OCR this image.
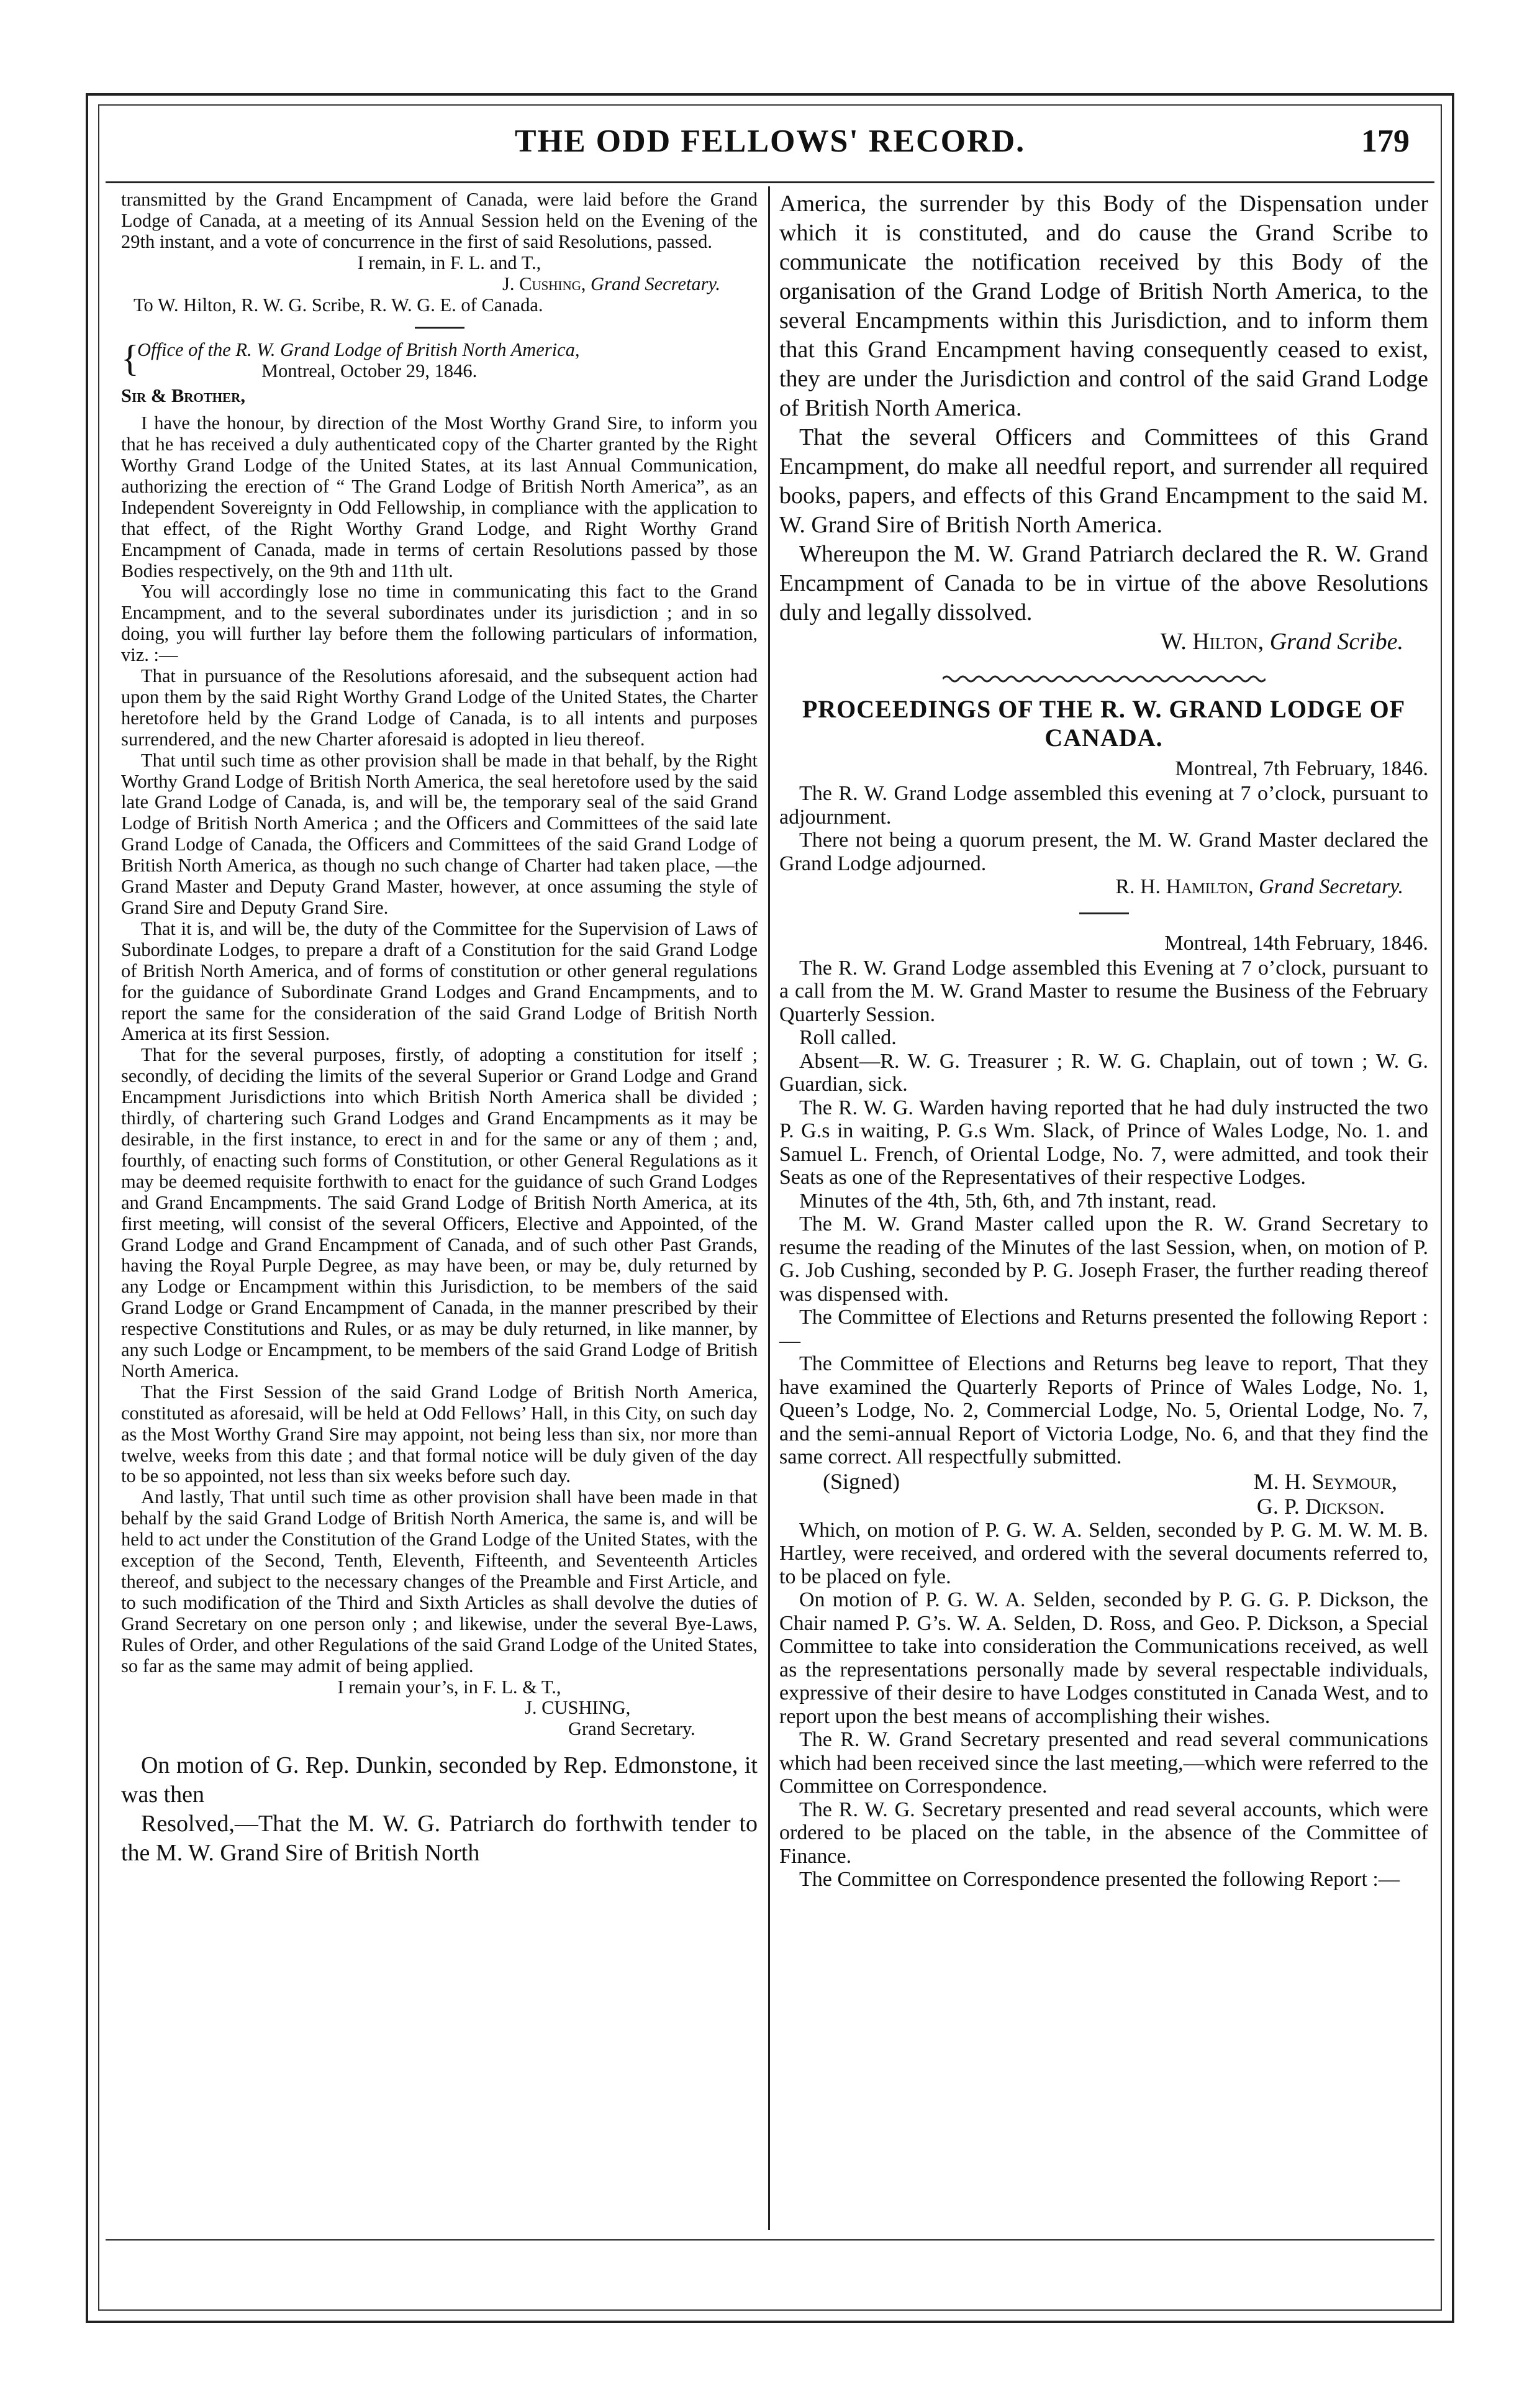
THE ODD FELLOWS' RECORD.	179

transmitted by the Grand Encampment of Canada, were laid before the Grand Lodge of Canada, at a meeting of its Annual Session held on the Evening of the 29th instant, and a vote of concurrence in the first of said Resolutions, passed.

I remain, in F. L. and T.,

J. Cushing, Grand Secretary.

To W. Hilton, R. W. G. Scribe, R. W. G. E. of Canada.

{
Office of the R. W. Grand Lodge of British North America,
Montreal, October 29, 1846.

Sir & Brother,

I have the honour, by direction of the Most Worthy Grand Sire, to inform you that he has received a duly authenticated copy of the Charter granted by the Right Worthy Grand Lodge of the United States, at its last Annual Communication, authorizing the erection of “ The Grand Lodge of British North America”, as an Independent Sovereignty in Odd Fellowship, in compliance with the application to that effect, of the Right Worthy Grand Lodge, and Right Worthy Grand Encampment of Canada, made in terms of certain Resolutions passed by those Bodies respectively, on the 9th and 11th ult.

You will accordingly lose no time in communicating this fact to the Grand Encampment, and to the several subordinates under its jurisdiction ; and in so doing, you will further lay before them the following particulars of information, viz. :—

That in pursuance of the Resolutions aforesaid, and the subsequent action had upon them by the said Right Worthy Grand Lodge of the United States, the Charter heretofore held by the Grand Lodge of Canada, is to all intents and purposes surrendered, and the new Charter aforesaid is adopted in lieu thereof.

That until such time as other provision shall be made in that behalf, by the Right Worthy Grand Lodge of British North America, the seal heretofore used by the said late Grand Lodge of Canada, is, and will be, the temporary seal of the said Grand Lodge of British North America ; and the Officers and Committees of the said late Grand Lodge of Canada, the Officers and Committees of the said Grand Lodge of British North America, as though no such change of Charter had taken place, —the Grand Master and Deputy Grand Master, however, at once assuming the style of Grand Sire and Deputy Grand Sire.

That it is, and will be, the duty of the Committee for the Supervision of Laws of Subordinate Lodges, to prepare a draft of a Constitution for the said Grand Lodge of British North America, and of forms of constitution or other general regulations for the guidance of Subordinate Grand Lodges and Grand Encampments, and to report the same for the consideration of the said Grand Lodge of British North America at its first Session.

That for the several purposes, firstly, of adopting a constitution for itself ; secondly, of deciding the limits of the several Superior or Grand Lodge and Grand Encampment Jurisdictions into which British North America shall be divided ; thirdly, of chartering such Grand Lodges and Grand Encampments as it may be desirable, in the first instance, to erect in and for the same or any of them ; and, fourthly, of enacting such forms of Constitution, or other General Regulations as it may be deemed requisite forthwith to enact for the guidance of such Grand Lodges and Grand Encampments. The said Grand Lodge of British North America, at its first meeting, will consist of the several Officers, Elective and Appointed, of the Grand Lodge and Grand Encampment of Canada, and of such other Past Grands, having the Royal Purple Degree, as may have been, or may be, duly returned by any Lodge or Encampment within this Jurisdiction, to be members of the said Grand Lodge or Grand Encampment of Canada, in the manner prescribed by their respective Constitutions and Rules, or as may be duly returned, in like manner, by any such Lodge or Encampment, to be members of the said Grand Lodge of British North America.

That the First Session of the said Grand Lodge of British North America, constituted as aforesaid, will be held at Odd Fellows’ Hall, in this City, on such day as the Most Worthy Grand Sire may appoint, not being less than six, nor more than twelve, weeks from this date ; and that formal notice will be duly given of the day to be so appointed, not less than six weeks before such day.

And lastly, That until such time as other provision shall have been made in that behalf by the said Grand Lodge of British North America, the same is, and will be held to act under the Constitution of the Grand Lodge of the United States, with the exception of the Second, Tenth, Eleventh, Fifteenth, and Seventeenth Articles thereof, and subject to the necessary changes of the Preamble and First Article, and to such modification of the Third and Sixth Articles as shall devolve the duties of Grand Secretary on one person only ; and likewise, under the several Bye-Laws, Rules of Order, and other Regulations of the said Grand Lodge of the United States, so far as the same may admit of being applied.

I remain your’s, in F. L. & T.,

J. CUSHING,

Grand Secretary.

On motion of G. Rep. Dunkin, seconded by Rep. Edmonstone, it was then

Resolved,—That the M. W. G. Patriarch do forthwith tender to the M. W. Grand Sire of British North

America, the surrender by this Body of the Dispensation under which it is constituted, and do cause the Grand Scribe to communicate the notification received by this Body of the organisation of the Grand Lodge of British North America, to the several Encampments within this Jurisdiction, and to inform them that this Grand Encampment having consequently ceased to exist, they are under the Jurisdiction and control of the said Grand Lodge of British North America.

That the several Officers and Committees of this Grand Encampment, do make all needful report, and surrender all required books, papers, and effects of this Grand Encampment to the said M. W. Grand Sire of British North America.

Whereupon the M. W. Grand Patriarch declared the R. W. Grand Encampment of Canada to be in virtue of the above Resolutions duly and legally dissolved.

W. Hilton, Grand Scribe.

PROCEEDINGS OF THE R. W. GRAND LODGE OF CANADA.

Montreal, 7th February, 1846.

The R. W. Grand Lodge assembled this evening at 7 o’clock, pursuant to adjournment.

There not being a quorum present, the M. W. Grand Master declared the Grand Lodge adjourned.

R. H. Hamilton, Grand Secretary.

Montreal, 14th February, 1846.

The R. W. Grand Lodge assembled this Evening at 7 o’clock, pursuant to a call from the M. W. Grand Master to resume the Business of the February Quarterly Session.

Roll called.

Absent—R. W. G. Treasurer ; R. W. G. Chaplain, out of town ; W. G. Guardian, sick.

The R. W. G. Warden having reported that he had duly instructed the two P. G.s in waiting, P. G.s Wm. Slack, of Prince of Wales Lodge, No. 1. and Samuel L. French, of Oriental Lodge, No. 7, were admitted, and took their Seats as one of the Representatives of their respective Lodges.

Minutes of the 4th, 5th, 6th, and 7th instant, read.

The M. W. Grand Master called upon the R. W. Grand Secretary to resume the reading of the Minutes of the last Session, when, on motion of P. G. Job Cushing, seconded by P. G. Joseph Fraser, the further reading thereof was dispensed with.

The Committee of Elections and Returns presented the following Report :—

The Committee of Elections and Returns beg leave to report, That they have examined the Quarterly Reports of Prince of Wales Lodge, No. 1, Queen’s Lodge, No. 2, Commercial Lodge, No. 5, Oriental Lodge, No. 7, and the semi-annual Report of Victoria Lodge, No. 6, and that they find the same correct. All respectfully submitted.

(Signed)	M. H. Seymour,

G. P. Dickson.

Which, on motion of P. G. W. A. Selden, seconded by P. G. M. W. M. B. Hartley, were received, and ordered with the several documents referred to, to be placed on fyle.

On motion of P. G. W. A. Selden, seconded by P. G. G. P. Dickson, the Chair named P. G’s. W. A. Selden, D. Ross, and Geo. P. Dickson, a Special Committee to take into consideration the Communications received, as well as the representations personally made by several respectable individuals, expressive of their desire to have Lodges constituted in Canada West, and to report upon the best means of accomplishing their wishes.

The R. W. Grand Secretary presented and read several communications which had been received since the last meeting,—which were referred to the Committee on Correspondence.

The R. W. G. Secretary presented and read several accounts, which were ordered to be placed on the table, in the absence of the Committee of Finance.

The Committee on Correspondence presented the following Report :—
